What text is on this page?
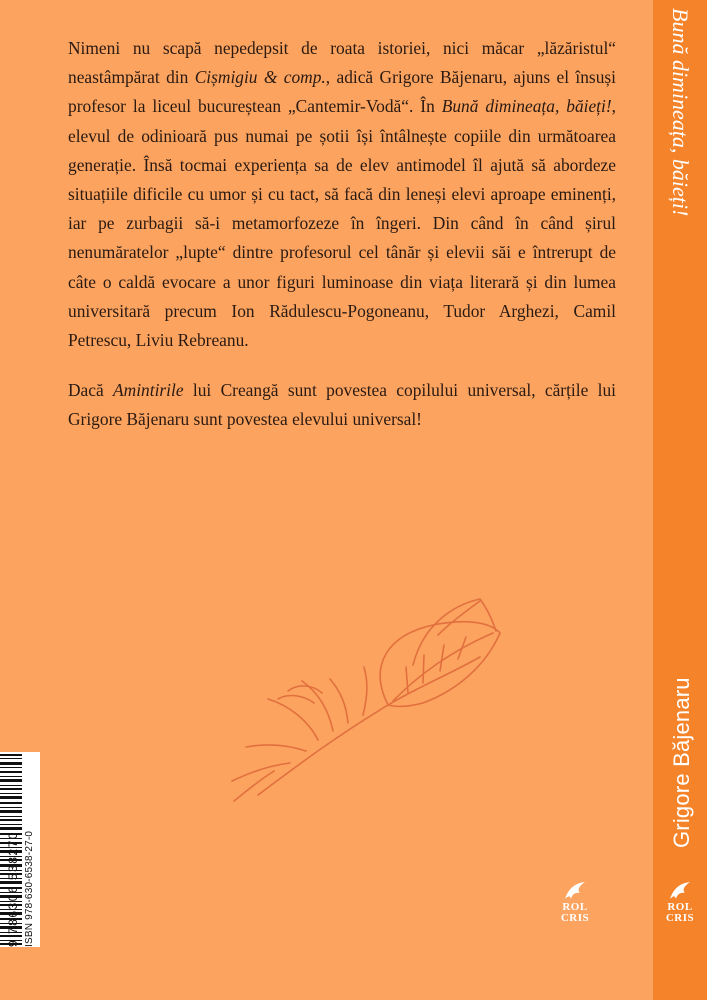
Nimeni nu scapă nepedepsit de roata istoriei, nici măcar „lăzăristul“ neastâmpărat din Cișmigiu & comp., adică Grigore Băjenaru, ajuns el însuși profesor la liceul bucureștean „Cantemir-Vodă“. În Bună dimineața, băieți!, elevul de odinioară pus numai pe șotii își întâlnește copiile din următoarea generație. Însă tocmai experiența sa de elev antimodel îl ajută să abordeze situațiile dificile cu umor și cu tact, să facă din leneși elevi aproape eminenți, iar pe zurbagii să-i metamorfozeze în îngeri. Din când în când șirul nenumăratelor „lupte“ dintre profesorul cel tânăr și elevii săi e întrerupt de câte o caldă evocare a unor figuri luminoase din viața literară și din lumea universitară precum Ion Rădulescu-Pogoneanu, Tudor Arghezi, Camil Petrescu, Liviu Rebreanu.

Dacă Amintirile lui Creangă sunt povestea copilului universal, cărțile lui Grigore Băjenaru sunt povestea elevului universal!

9 786306 538270 ISBN 978-630-6538-27-0	ROL
CRIS
Bună dimineața, băieți!
Grigore Băjenaru
ROL
CRIS
